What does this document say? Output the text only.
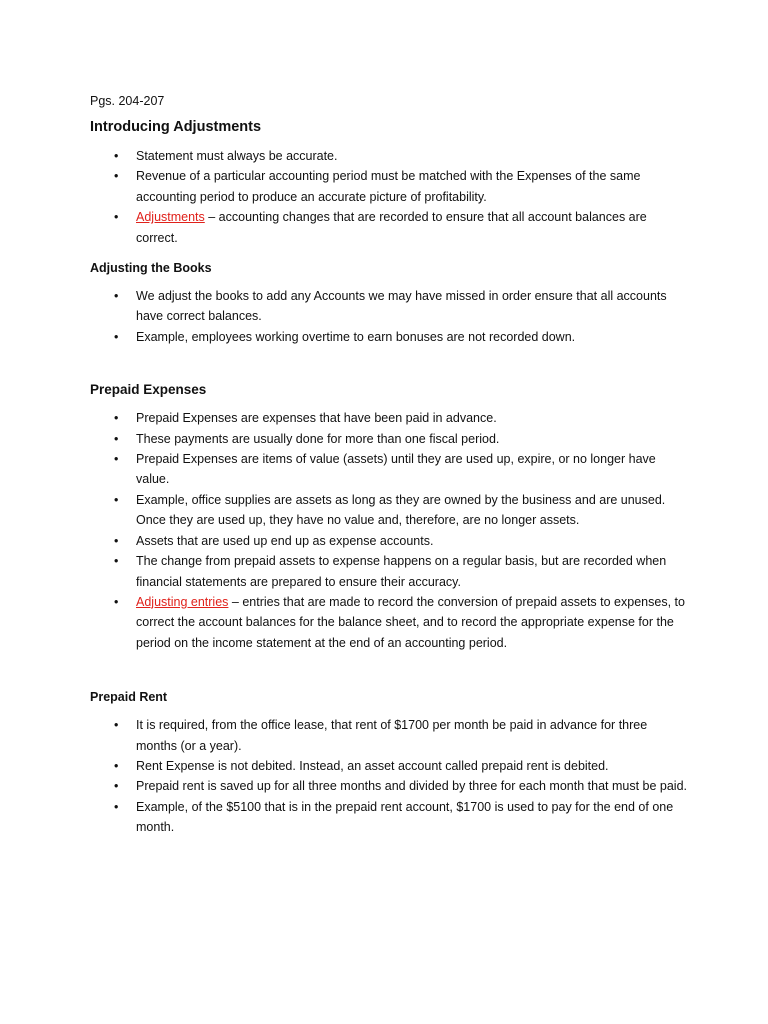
Pgs. 204-207

Introducing Adjustments
• Statement must always be accurate.
• Revenue of a particular accounting period must be matched with the Expenses of the same accounting period to produce an accurate picture of profitability.
• Adjustments – accounting changes that are recorded to ensure that all account balances are correct.
Adjusting the Books
• We adjust the books to add any Accounts we may have missed in order ensure that all accounts have correct balances.
• Example, employees working overtime to earn bonuses are not recorded down.
Prepaid Expenses
• Prepaid Expenses are expenses that have been paid in advance.
• These payments are usually done for more than one fiscal period.
• Prepaid Expenses are items of value (assets) until they are used up, expire, or no longer have value.
• Example, office supplies are assets as long as they are owned by the business and are unused. Once they are used up, they have no value and, therefore, are no longer assets.
• Assets that are used up end up as expense accounts.
• The change from prepaid assets to expense happens on a regular basis, but are recorded when financial statements are prepared to ensure their accuracy.
• Adjusting entries – entries that are made to record the conversion of prepaid assets to expenses, to correct the account balances for the balance sheet, and to record the appropriate expense for the period on the income statement at the end of an accounting period.
Prepaid Rent
• It is required, from the office lease, that rent of $1700 per month be paid in advance for three months (or a year).
• Rent Expense is not debited. Instead, an asset account called prepaid rent is debited.
• Prepaid rent is saved up for all three months and divided by three for each month that must be paid.
• Example, of the $5100 that is in the prepaid rent account, $1700 is used to pay for the end of one month.
